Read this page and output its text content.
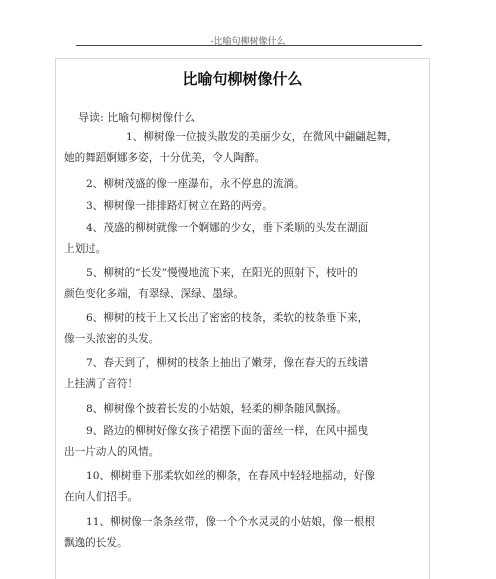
-比喻句柳树像什么
比喻句柳树像什么
导读: 比喻句柳树像什么
1、柳树像一位披头散发的美丽少女，在微风中翩翩起舞，
她的舞蹈婀娜多姿，十分优美，令人陶醉。
2、柳树茂盛的像一座瀑布，永不停息的流淌。
3、柳树像一排排路灯树立在路的两旁。
4、茂盛的柳树就像一个婀娜的少女，垂下柔顺的头发在湖面
上划过。
5、柳树的“长发”慢慢地流下来，在阳光的照射下，枝叶的
颜色变化多端，有翠绿、深绿、墨绿。
6、柳树的枝干上又长出了密密的枝条，柔软的枝条垂下来，
像一头浓密的头发。
7、春天到了，柳树的枝条上抽出了嫩芽，像在春天的五线谱
上挂满了音符！
8、柳树像个披着长发的小姑娘，轻柔的柳条随风飘扬。
9、路边的柳树好像女孩子裙摆下面的蕾丝一样，在风中摇曳
出一片动人的风情。
10、柳树垂下那柔软如丝的柳条，在春风中轻轻地摇动，好像
在向人们招手。
11、柳树像一条条丝带，像一个个水灵灵的小姑娘，像一根根
飘逸的长发。
